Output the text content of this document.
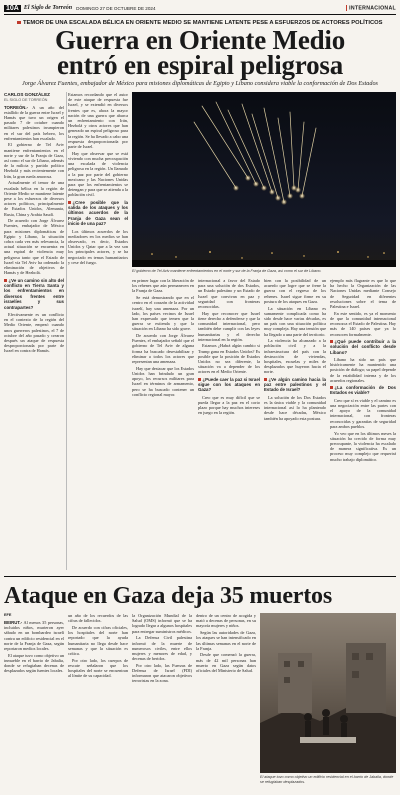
10A El Siglo de Torreón DOMINGO 27 DE OCTUBRE DE 2024	INTERNACIONAL
TEMOR DE UNA ESCALADA BÉLICA EN ORIENTE MEDIO SE MANTIENE LATENTE PESE A ESFUERZOS DE ACTORES POLÍTICOS
Guerra en Oriente Medio
entró en espiral peligrosa
Jorge Álvarez Fuentes, embajador de México para misiones diplomáticas de Egipto y Líbano considera viable la conformación de Dos Estados
CARLOS GONZÁLEZ
EL SIGLO DE TORREÓN

TORREÓN.- A un año del estallido de la guerra entre Israel y Hamás que tuvo un origen el pasado 7 de octubre cuando militares palestinos irrumpieron en el sur del país hebreo, los enfrentamientos han escalado.

El gobierno de Tel Aviv mantiene enfrentamientos en el norte y sur de la Franja de Gaza, así como el sur de Líbano, además de la milicia y partido político Hezbolá y más recientemente con Irán, la gran rueda amorosa.

Actualmente el temor de una escalada bélica en la región de Oriente Medio se mantiene latente pese a los esfuerzos de diversos actores políticos, principalmente de Estados Unidos, Alemania, Rusia, China y Arabia Saudí.

De acuerdo con Jorge Álvarez Fuentes, embajador de México para misiones diplomáticas de Egipto y Líbano, la situación cobra cada vez más relevancia, la actual situación se encuentra en una espiral de violencia muy peligrosa tanto que el Estado de Israel vía Tel Aviv ha ordenado la eliminación de objetivos de Hamás y de Hezbolá.

¿Ve un camino sin alto del conflicto en Tierra Santa y los enfrentamientos en diversos frentes entre israelíes y sus contrapartes?

Efectivamente es un conflicto en el contexto de la región del Medio Oriente, empezó cuando unos guerreros palestinos, el 7 de octubre del año pasado y crearon después un ataque de respuesta desproporcionada por parte de Israel en contra de Hamás.

Estamos recordando que el autor de este ataque de respuesta fue Israel, y se extendió en diversos frentes que es, ahora la mayor nación de una guerra que abarca un enfrentamiento con Irán, Hezbolá y otros actores que han generado un espiral peligroso para la región. Se ha llevado a cabo una respuesta desproporcionada por parte de Israel.

Hay que observar que se está viviendo con mucha preocupación una escalada de violencia peligrosa en la región. Un llamado a la paz por parte del gobierno mexicano y las Naciones Unidas para que los enfrentamientos se detengan y para que se atienda a la población civil.

¿Cree posible que la salida de los ataques y los últimos acuerdos de la Franja de Gaza sean el inicio de una paz?

Los últimos acuerdos de los mediadores en los medios se han observado, es decir, Estados Unidos y Qatar que a la vez son los principales actores, y se ha negociado en temas humanitarios y cese del fuego.

El gobierno de Tel Aviv mantiene enfrentamientos en el norte y sur de la Franja de Gaza, así como el sur de Líbano.

en primer lugar con la liberación de los rehenes que aún permanecen en la Franja de Gaza.

Se está demostrando que en el centro en el corazón de la actividad israelí, hay una amenaza. Por un lado, los países vecinos de Israel han expresado que temen que la guerra se extienda y que la situación en Líbano ha sido grave.

De acuerdo con Jorge Álvarez Fuentes, el embajador señaló que el gobierno de Tel Aviv de alguna forma ha buscado desestabilizar y eliminar a todos los actores que representan una amenaza.

Hay que destacar que los Estados Unidos han brindado un gran apoyo, los recursos militares para Israel en términos de armamento, pero se ha buscado contener un conflicto regional mayor.

internacional a favor del Estado para una solución de dos Estados, un Estado palestino y un Estado de Israel que convivan en paz y seguridad con fronteras reconocidas.

Hay que reconocer que Israel tiene derecho a defenderse y que la comunidad internacional, pero también debe cumplir con las leyes humanitarias y el derecho internacional en la región.

Estamos ¿Habrá algún cambio si Trump gana en Estados Unidos? Es posible que la posición de Estados Unidos no sea diferente, la situación va a depender de los actores en el Medio Oriente.

¿Puede caer la paz si Israel sigue con los ataques en Gaza?

Creo que es muy difícil que se pueda llegar a la paz en el corto plazo porque hay muchos intereses en juego en la región.

bien con la posibilidad de un acuerdo que logre que se frene la guerra con el regreso de los rehenes. Israel sigue firme en su postura de los ataques en Gaza.

La situación en Líbano es sumamente complicada como ha sido desde hace varias décadas, es un país con una situación política muy compleja. Hay una tensión que ha llegado a una parte del territorio.

La violencia ha alcanzado a la población civil y a la infraestructura del país con la destrucción de viviendas, hospitales, escuelas y miles de desplazados que huyeron hacia el norte.

¿Ve algún camino hacia la paz entre palestinos y el Estado de Israel?

La solución de los Dos Estados es la única viable y la comunidad internacional así lo ha planteado desde hace décadas, México también ha apoyado esta postura.

ejemplo más flagrante es que lo que ha hecho la Organización de las Naciones Unidas mediante Consejo de Seguridad en diferentes resoluciones sobre el tema de Palestina e Israel.

En este sentido, es ya el momento de que la comunidad internacional reconozca el Estado de Palestina. Hay más de 140 países que ya lo reconocen formalmente.

¿Qué puede contribuir a la solución del conflicto desde Líbano?

Líbano ha sido un país que históricamente ha mantenido una posición de diálogo; su papel depende de la estabilidad interna y de los acuerdos regionales.

¿La conformación de Dos Estados es viable?

Creo que sí es viable y el camino es una negociación entre las partes con el apoyo de la comunidad internacional, con fronteras reconocidas y garantías de seguridad para ambos pueblos.

Yo veo que en los últimos meses la situación ha crecido de forma muy preocupante, la violencia ha escalado de manera significativa. Es un proceso muy complejo que requerirá mucho trabajo diplomático.

Ataque en Gaza deja 35 muertos
EFE

BEIRUT.- Al menos 35 personas, incluidos niños, murieron ayer sábado en un bombardeo israelí contra un edificio residencial en el norte de la Franja de Gaza, según reportaron medios locales.

El ataque tuvo como objetivo un inmueble en el barrio de Jabalia, donde se refugiaban decenas de desplazados según fuentes locales.

un año de los recuerdos de las cifras de fallecidos.

De acuerdo con cifras oficiales, los hospitales del norte han reportado que la ayuda humanitaria no llega desde hace semanas y que la situación es crítica.

Por otro lado, los cuerpos de rescate señalaron que los hospitales del norte se encuentran al límite de su capacidad.

la Organización Mundial de la Salud (OMS) informó que se ha logrado llegar a algunos hospitales para entregar suministros médicos.

La Defensa Civil palestina informó de la muerte de numerosos civiles, entre ellos mujeres y menores de edad, y decenas de heridos.

Por otro lado, las Fuerzas de Defensa de Israel (FDI) informaron que atacaron objetivos terroristas en la zona.

dentro de un centro de acogida y mató a decenas de personas, en su mayoría mujeres y niños.

Según las autoridades de Gaza, los ataques se han intensificado en las últimas semanas en el norte de la Franja.

Desde que comenzó la guerra, más de 42 mil personas han muerto en Gaza según datos oficiales del Ministerio de Salud.

El ataque tuvo como objetivo un edificio residencial en el barrio de Jabalia, donde se refugiaban desplazados.
